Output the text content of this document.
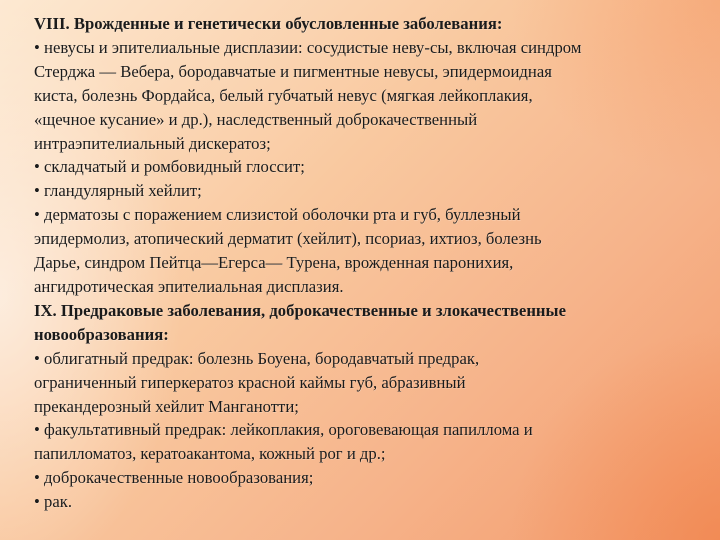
VIII. Врожденные и генетически обусловленные заболевания:
• невусы и эпителиальные дисплазии: сосудистые неву-сы, включая синдром
Стерджа — Вебера, бородавчатые и пигментные невусы, эпидермоидная
киста, болезнь Фордайса, белый губчатый невус (мягкая лейкоплакия,
«щечное кусание» и др.), наследственный доброкачественный
интраэпителиальный дискератоз;
• складчатый и ромбовидный глоссит;
• гландулярный хейлит;
• дерматозы с поражением слизистой оболочки рта и губ, буллезный
эпидермолиз, атопический дерматит (хейлит), псориаз, ихтиоз, болезнь
Дарье, синдром Пейтца—Егерса— Турена, врожденная паронихия,
ангидротическая эпителиальная дисплазия.
IX. Предраковые заболевания, доброкачественные и злокачественные
новообразования:
• облигатный предрак: болезнь Боуена, бородавчатый предрак,
ограниченный гиперкератоз красной каймы губ, абразивный
прекандерозный хейлит Манганотти;
• факультативный предрак: лейкоплакия, ороговевающая папиллома и
папилломатоз, кератоакантома, кожный рог и др.;
• доброкачественные новообразования;
• рак.
